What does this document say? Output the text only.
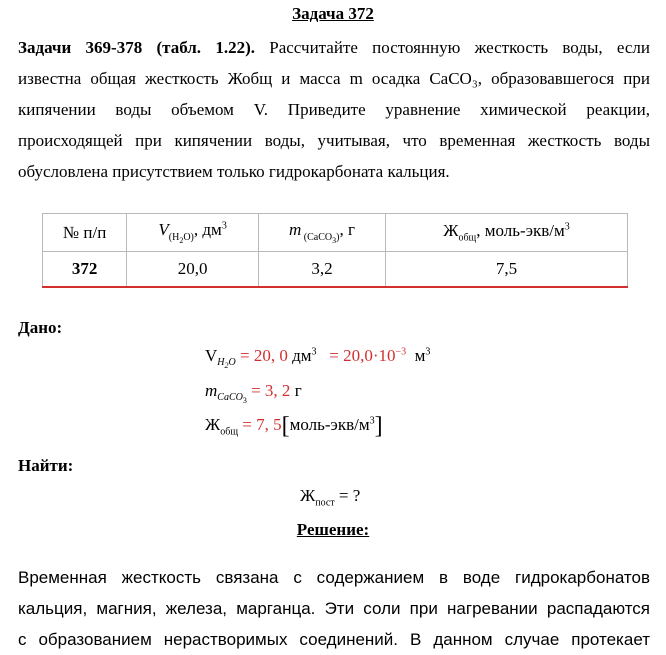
Задача 372
Задачи 369-378 (табл. 1.22). Рассчитайте постоянную жесткость воды, если
известна общая жесткость Жобщ и масса m осадка CaCO₃, образовавшегося при
кипячении воды объемом V. Приведите уравнение химической реакции,
происходящей при кипячении воды, учитывая, что временная жесткость воды
обусловлена присутствием только гидрокарбоната кальция.
№ п/п	$V_{(H_2O)}$, $дм^3$	m $_{(CaCO_3)}$, г	$Ж_{общ}$, моль-$экв/м^3$
372	20,0	3,2	7,5
Дано:
$V_{H_2O} = 20$, 0 $дм^3 = 20,0\cdot 10^{-3}$ $м^3$
$m_{CaCO_3} = 3$, 2 г
$Ж_{общ} = 7$, $5[моль-экв/м^3]$
Найти:
$Ж_{пост}$ = ?
Решение:
Временная жесткость связана с содержанием в воде гидрокарбонатов
кальция, магния, железа, марганца. Эти соли при нагревании распадаются
с образованием нерастворимых соединений. В данном случае протекает
